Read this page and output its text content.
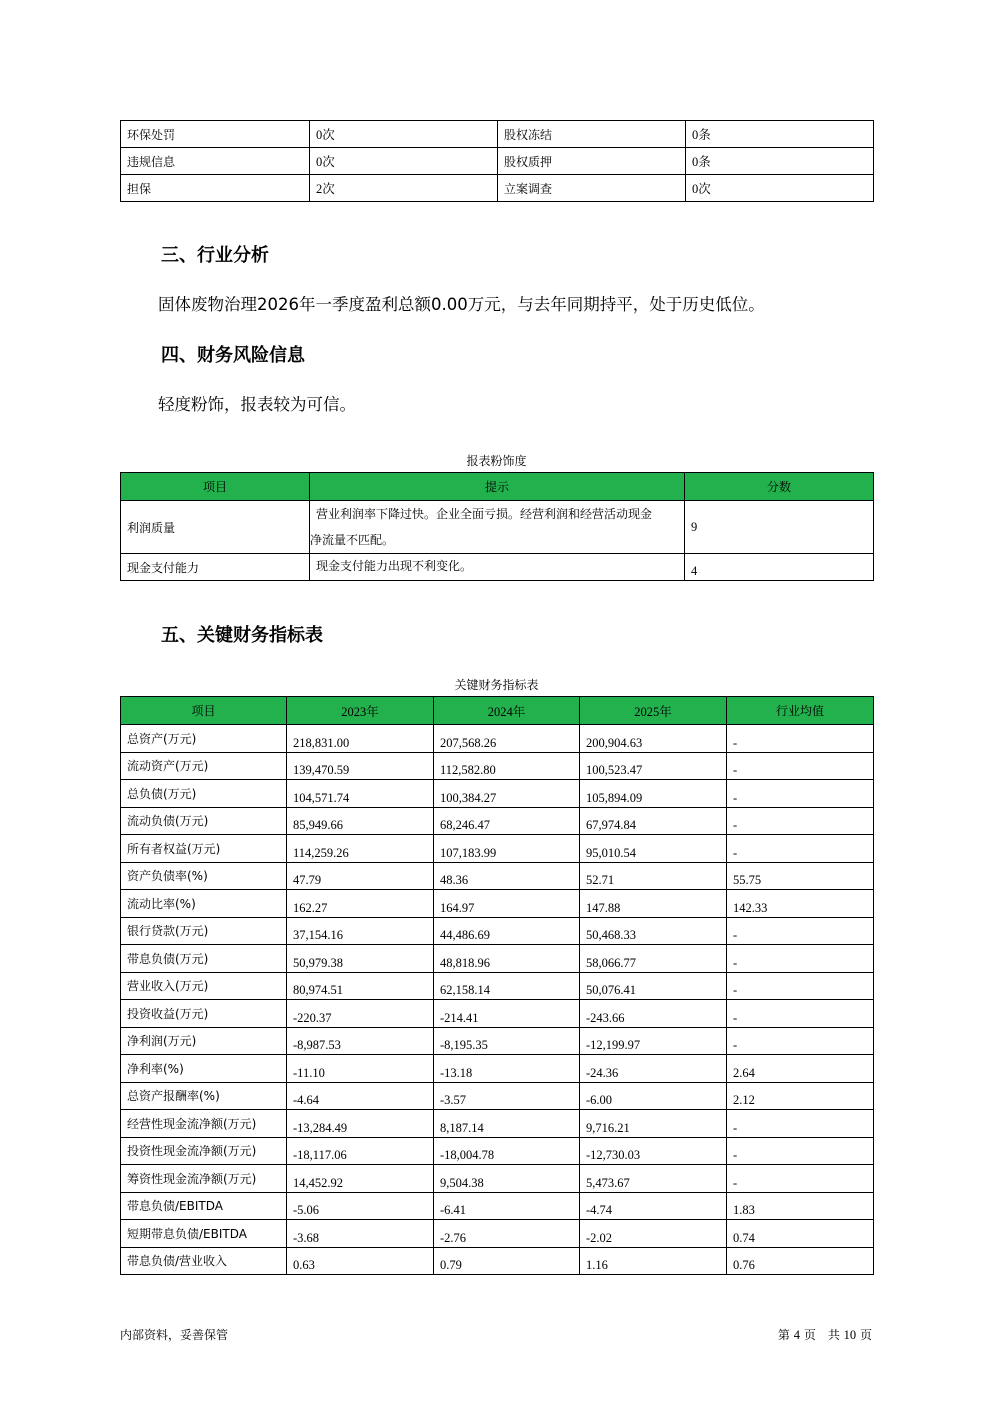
环保处罚	0次	股权冻结	0条
违规信息	0次	股权质押	0条
担保	2次	立案调查	0次
三、行业分析
固体废物治理2026年一季度盈利总额0.00万元，与去年同期持平，处于历史低位。
四、财务风险信息
轻度粉饰，报表较为可信。
报表粉饰度
项目	提示	分数
利润质量	营业利润率下降过快。企业全面亏损。经营利润和经营活动现金
净流量不匹配。	9
现金支付能力	现金支付能力出现不利变化。	4
五、关键财务指标表
关键财务指标表
项目	2023年	2024年	2025年	行业均值
总资产(万元)	218,831.00	207,568.26	200,904.63	-
流动资产(万元)	139,470.59	112,582.80	100,523.47	-
总负债(万元)	104,571.74	100,384.27	105,894.09	-
流动负债(万元)	85,949.66	68,246.47	67,974.84	-
所有者权益(万元)	114,259.26	107,183.99	95,010.54	-
资产负债率(%)	47.79	48.36	52.71	55.75
流动比率(%)	162.27	164.97	147.88	142.33
银行贷款(万元)	37,154.16	44,486.69	50,468.33	-
带息负债(万元)	50,979.38	48,818.96	58,066.77	-
营业收入(万元)	80,974.51	62,158.14	50,076.41	-
投资收益(万元)	-220.37	-214.41	-243.66	-
净利润(万元)	-8,987.53	-8,195.35	-12,199.97	-
净利率(%)	-11.10	-13.18	-24.36	2.64
总资产报酬率(%)	-4.64	-3.57	-6.00	2.12
经营性现金流净额(万元)	-13,284.49	8,187.14	9,716.21	-
投资性现金流净额(万元)	-18,117.06	-18,004.78	-12,730.03	-
筹资性现金流净额(万元)	14,452.92	9,504.38	5,473.67	-
带息负债/EBITDA	-5.06	-6.41	-4.74	1.83
短期带息负债/EBITDA	-3.68	-2.76	-2.02	0.74
带息负债/营业收入	0.63	0.79	1.16	0.76
内部资料，妥善保管	第 4 页　共 10 页
